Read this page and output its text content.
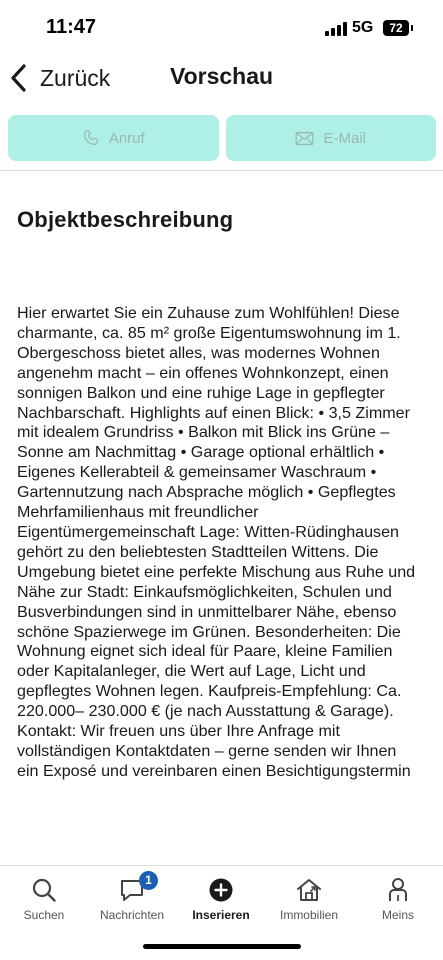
11:47	5G	72
Vorschau
Zurück
Anruf	E-Mail
Objektbeschreibung

Hier erwartet Sie ein Zuhause zum Wohlfühlen! Diese charmante, ca. 85 m² große Eigentumswohnung im 1. Obergeschoss bietet alles, was modernes Wohnen angenehm macht – ein offenes Wohnkonzept, einen sonnigen Balkon und eine ruhige Lage in gepflegter Nachbarschaft. Highlights auf einen Blick: • 3,5 Zimmer mit idealem Grundriss • Balkon mit Blick ins Grüne – Sonne am Nachmittag • Garage optional erhältlich • Eigenes Kellerabteil & gemeinsamer Waschraum • Gartennutzung nach Absprache möglich • Gepflegtes Mehrfamilienhaus mit freundlicher Eigentümergemeinschaft Lage: Witten-Rüdinghausen gehört zu den beliebtesten Stadtteilen Wittens. Die Umgebung bietet eine perfekte Mischung aus Ruhe und Nähe zur Stadt: Einkaufsmöglichkeiten, Schulen und Busverbindungen sind in unmittelbarer Nähe, ebenso schöne Spazierwege im Grünen. Besonderheiten: Die Wohnung eignet sich ideal für Paare, kleine Familien oder Kapitalanleger, die Wert auf Lage, Licht und gepflegtes Wohnen legen. Kaufpreis-Empfehlung: Ca. 220.000– 230.000 € (je nach Ausstattung & Garage). Kontakt: Wir freuen uns über Ihre Anfrage mit vollständigen Kontaktdaten – gerne senden wir Ihnen ein Exposé und vereinbaren einen Besichtigungstermin

Suchen
1
Nachrichten	Inserieren	Immobilien	Meins
